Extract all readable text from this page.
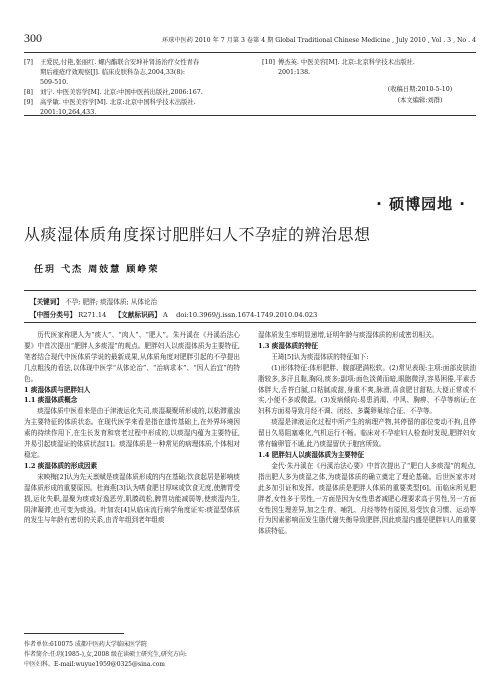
300	环球中医药 2010 年 7 月第 3 卷第 4 期 Global Traditional Chinese Medicine , July 2010 , Vol . 3 , No . 4
[7]	王爱民,付艳,张丽红. 螺内酯联合安坤补肾汤治疗女性青春
期后痤疮疗效观察[J]. 临床皮肤科杂志,2004,33(8):
509-510.
[8]	刘宁. 中医美容学[M]. 北京:中国中医药出版社,2006:167.
[9]	高学敏. 中医美容学[M]. 北京:北京中国科学技术出版社.
2001:10,264,433.
[10] 傅杰英. 中医美容[M]. 北京:北京科学技术出版社.
2001:138.
(收稿日期:2010-5-10)
(本文编辑:刘群)
· 硕博园地 ·
从痰湿体质角度探讨肥胖妇人不孕症的辨治思想
任玥 弋杰 周妓慧 顾峥荣
【关键词】 不孕; 肥胖; 痰湿体质; 从体论治
【中图分类号】 R271.14 【文献标识码】 A doi:10.3969/j.issn.1674-1749.2010.04.023

历代医家称肥人为“痰人”、“肉人”、“肥人”。朱丹溪在《丹溪治法心要》中首次提出“肥胖人多痰湿”的观点。肥胖妇人以痰湿体质为主要特征,笔者结合现代中医体质学说的最新成果,从体质角度对肥胖引起的不孕提出几点粗浅的看法,以体现中医学“从体论治”、“治病求本”、“因人治宜”的特色。

1 痰湿体质与肥胖妇人

1.1 痰湿体质概念

痰湿体质中医看来是由于津液运化失司,痰湿凝聚所形成的,以粘滞重浊为主要特征的体质状态。在现代医学来看是指在遗传基础上,在外界环境因素的持续作用下,在生长发育和衰老过程中形成的,以痰湿内蕴为主要特征,并易引起痰湿证的体质状态[1]。痰湿体质是一种常见的病理体质,个体相对稳定。

1.2 痰湿体质的形成因素

宋映梅[2]认为先天禀赋是痰湿体质形成的内在基础;饮食起居是影响痰湿体质形成的重要原因。杜海燕[3]认为嗜食肥甘厚味或饮食无度,使脾胃受损,运化失职,湿聚为痰或好逸恶劳,肌腠疏松,脾胃功能减弱等,使痰湿内生,阴津凝滞,也可变为痰浊。叶加农[4]从临床流行病学角度证实:痰湿型体质的发生与年龄有密切的关系,由青年组到老年组痰

湿体质发生率明显递增,证明年龄与痰湿体质的形成密切相关。

1.3 痰湿体质的特征

王琦[5]认为痰湿体质的特征如下:

(1)形体特征:体形肥胖、腹部肥满松软。(2)常见表现:主项:面部皮肤油脂较多,多汗且黏,胸闷,痰多;副项:面色淡黄而暗,眼胞微浮,容易困倦,平素舌体胖大,舌苔白腻,口粘腻或甜,身重不爽,脉滑,喜食肥甘甜粘,大便正常或不实,小便不多或微混。(3)发病倾向:易患消渴、中风、胸痹、不孕等病证;在妇科方面易导致月经不调、闭经、多囊卵巢综合征、不孕等。

痰湿是津液运化过程中所产生的病理产物,其停留的部位变动不拘,且停留日久易阻塞难化,气机运行不畅。临床对不孕症妇人检查时发现,肥胖妇女常有输卵管不通,此乃痰湿留伏于胞宫所致。

1.4 肥胖妇人以痰湿体质为主要特征

金代·朱丹溪在《丹溪治法心要》中首次提出了“肥白人多痰湿”的观点,指出肥人多为痰湿之体,为痰湿体质的确立奠定了理论基础。后世医家亦对此多加引证和发挥。痰湿体质是肥胖人体质的重要类型[6]。而临床所见肥胖者,女性多于男性,一方面是因为女性患者减肥心理要求高于男性,另一方面女性因生理差异,加之生育、哺乳、月经等特有原因,易受饮食习惯、运动等行为因素影响而发生脂代谢失衡导致肥胖,因此痰湿内盛是肥胖妇人的重要体质特征。

作者单位:610075 成都中医药大学临床医学院
作者简介:任玥(1985-),女,2008 级在读硕士研究生,研究方向:
中医妇科。E-mail:wuyue1959@0325@sina.com
